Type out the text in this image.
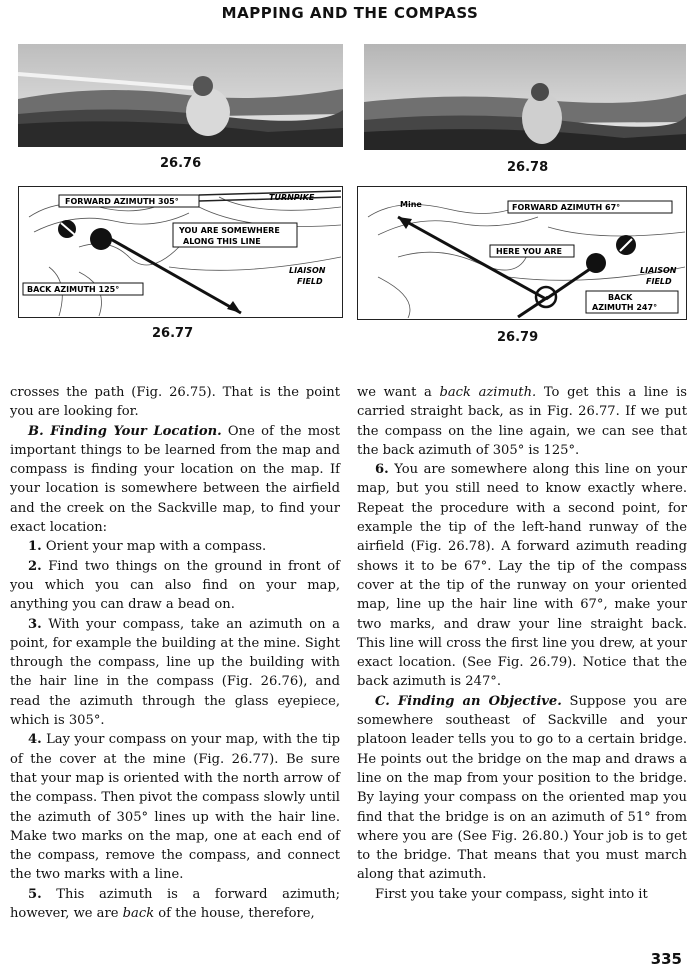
MAPPING AND THE COMPASS
26.76	26.78
FORWARD AZIMUTH 305°	TURNPIKE
YOU ARE SOMEWHERE
ALONG THIS LINE
LIAISON
FIELD
BACK AZIMUTH 125°
26.77
Mine	FORWARD AZIMUTH 67°
HERE YOU ARE
LIAISON
FIELD
BACK
AZIMUTH 247°
26.79

crosses the path (Fig. 26.75). That is the point you are looking for.

B. Finding Your Location. One of the most important things to be learned from the map and compass is finding your location on the map. If your location is somewhere between the airfield and the creek on the Sackville map, to find your exact location:

1. Orient your map with a compass.

2. Find two things on the ground in front of you which you can also find on your map, anything you can draw a bead on.

3. With your compass, take an azimuth on a point, for example the building at the mine. Sight through the compass, line up the building with the hair line in the compass (Fig. 26.76), and read the azimuth through the glass eyepiece, which is 305°.

4. Lay your compass on your map, with the tip of the cover at the mine (Fig. 26.77). Be sure that your map is oriented with the north arrow of the compass. Then pivot the compass slowly until the azimuth of 305° lines up with the hair line. Make two marks on the map, one at each end of the compass, remove the compass, and connect the two marks with a line.

5. This azimuth is a forward azimuth; however, we are back of the house, therefore,

we want a back azimuth. To get this a line is carried straight back, as in Fig. 26.77. If we put the compass on the line again, we can see that the back azimuth of 305° is 125°.

6. You are somewhere along this line on your map, but you still need to know exactly where. Repeat the procedure with a second point, for example the tip of the left-hand runway of the airfield (Fig. 26.78). A forward azimuth reading shows it to be 67°. Lay the tip of the compass cover at the tip of the runway on your oriented map, line up the hair line with 67°, make your two marks, and draw your line straight back. This line will cross the first line you drew, at your exact location. (See Fig. 26.79). Notice that the back azimuth is 247°.

C. Finding an Objective. Suppose you are somewhere southeast of Sackville and your platoon leader tells you to go to a certain bridge. He points out the bridge on the map and draws a line on the map from your position to the bridge. By laying your compass on the oriented map you find that the bridge is on an azimuth of 51° from where you are (See Fig. 26.80.) Your job is to get to the bridge. That means that you must march along that azimuth.

First you take your compass, sight into it

335
